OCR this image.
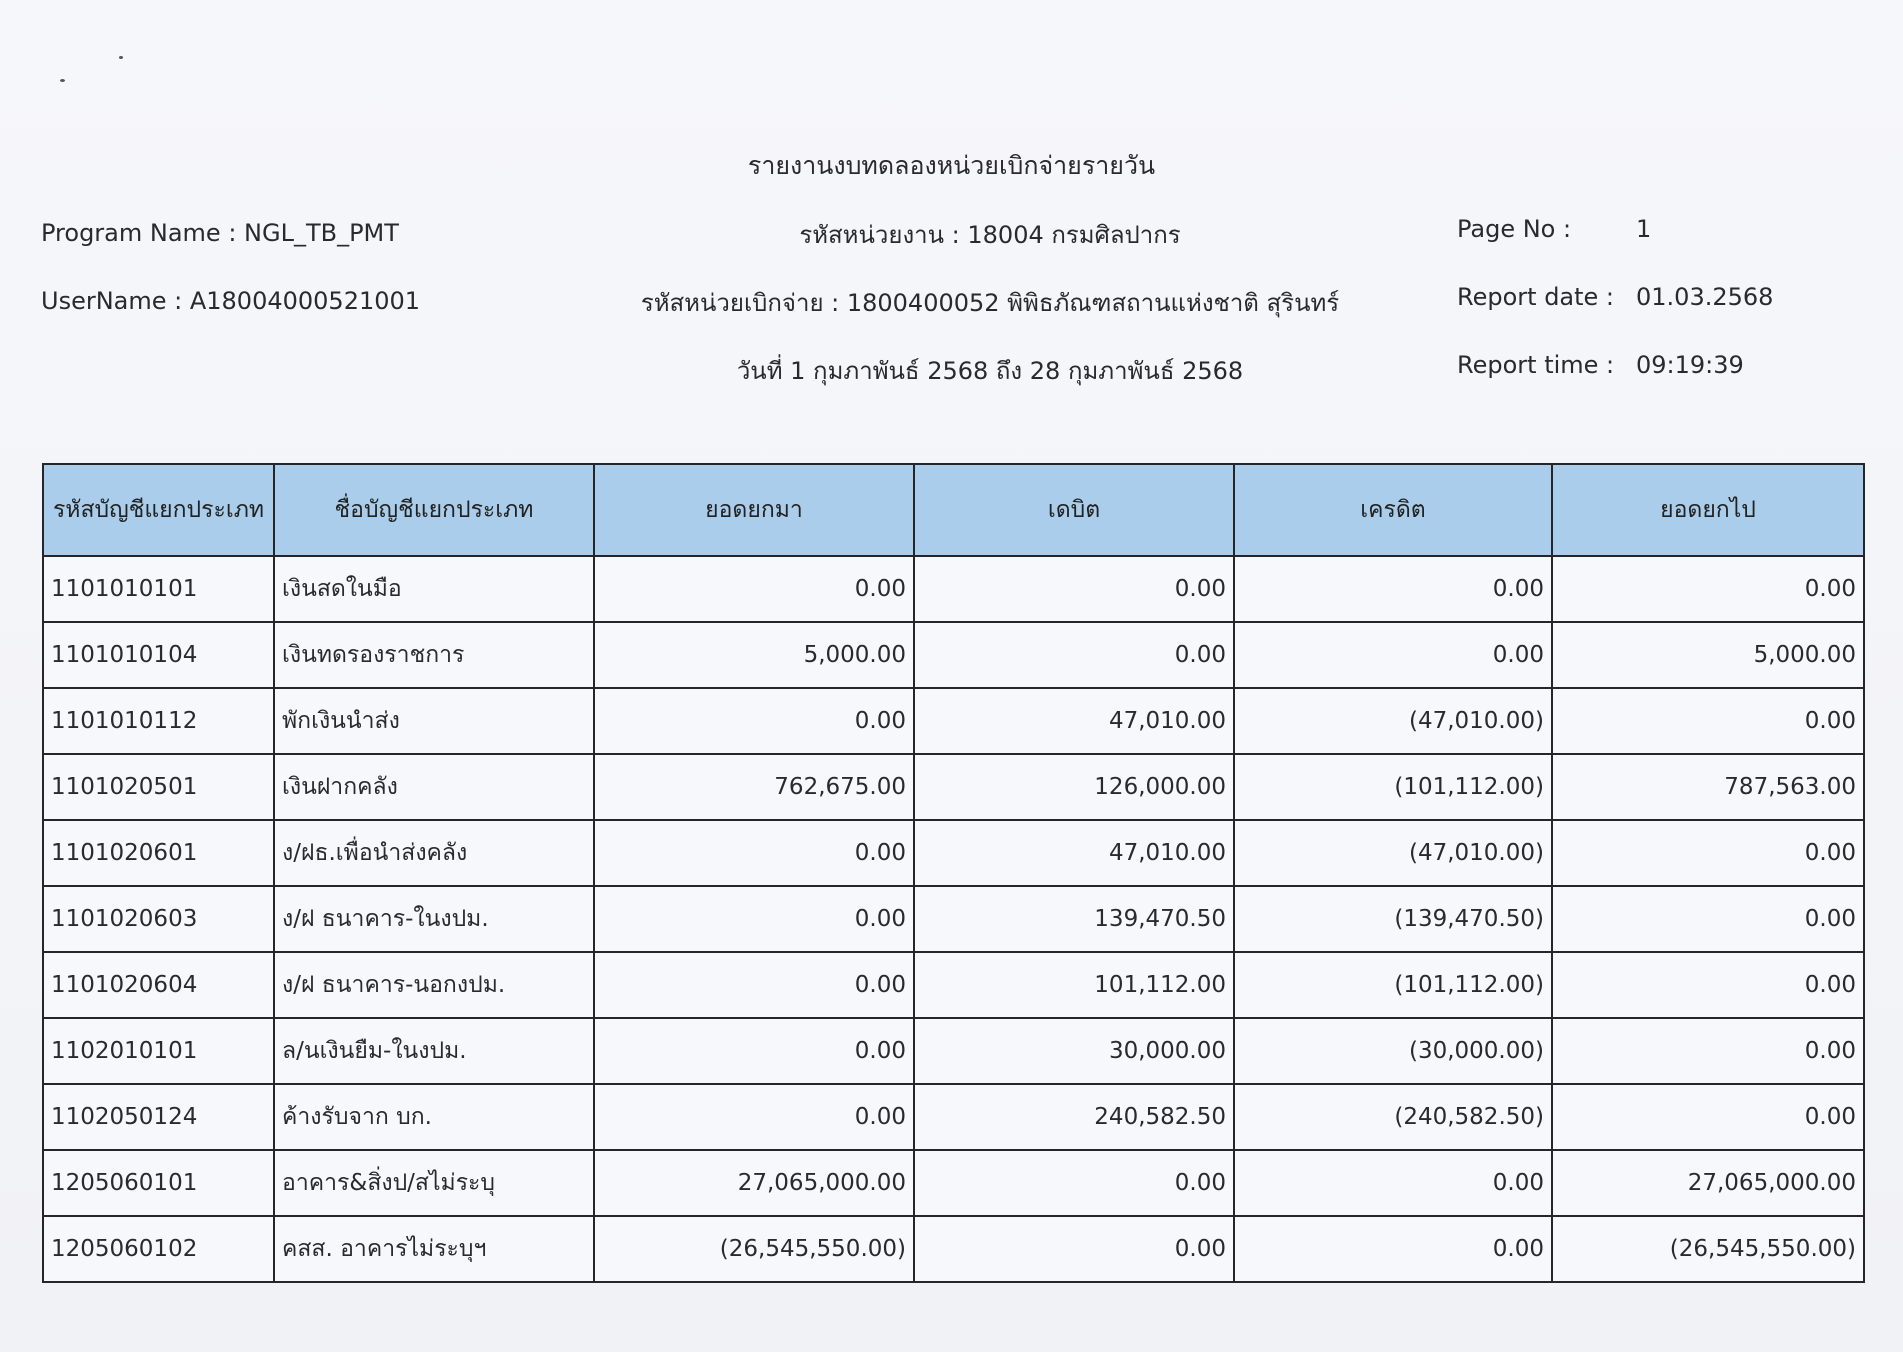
รายงานงบทดลองหน่วยเบิกจ่ายรายวัน
Program Name : NGL_TB_PMT
UserName : A18004000521001
รหัสหน่วยงาน : 18004 กรมศิลปากร
รหัสหน่วยเบิกจ่าย : 1800400052 พิพิธภัณฑสถานแห่งชาติ สุรินทร์
วันที่ 1 กุมภาพันธ์ 2568 ถึง 28 กุมภาพันธ์ 2568
Page No :	1
Report date : 01.03.2568
Report time : 09:19:39
รหัสบัญชีแยกประเภท	ชื่อบัญชีแยกประเภท	ยอดยกมา	เดบิต	เครดิต	ยอดยกไป
1101010101	เงินสดในมือ	0.00	0.00	0.00	0.00
1101010104	เงินทดรองราชการ	5,000.00	0.00	0.00	5,000.00
1101010112	พักเงินนำส่ง	0.00	47,010.00	(47,010.00)	0.00
1101020501	เงินฝากคลัง	762,675.00	126,000.00	(101,112.00)	787,563.00
1101020601	ง/ฝธ.เพื่อนำส่งคลัง	0.00	47,010.00	(47,010.00)	0.00
1101020603	ง/ฝ ธนาคาร-ในงปม.	0.00	139,470.50	(139,470.50)	0.00
1101020604	ง/ฝ ธนาคาร-นอกงปม.	0.00	101,112.00	(101,112.00)	0.00
1102010101	ล/นเงินยืม-ในงปม.	0.00	30,000.00	(30,000.00)	0.00
1102050124	ค้างรับจาก บก.	0.00	240,582.50	(240,582.50)	0.00
1205060101	อาคาร&สิ่งป/สไม่ระบุ	27,065,000.00	0.00	0.00	27,065,000.00
1205060102	คสส. อาคารไม่ระบุฯ	(26,545,550.00)	0.00	0.00	(26,545,550.00)
